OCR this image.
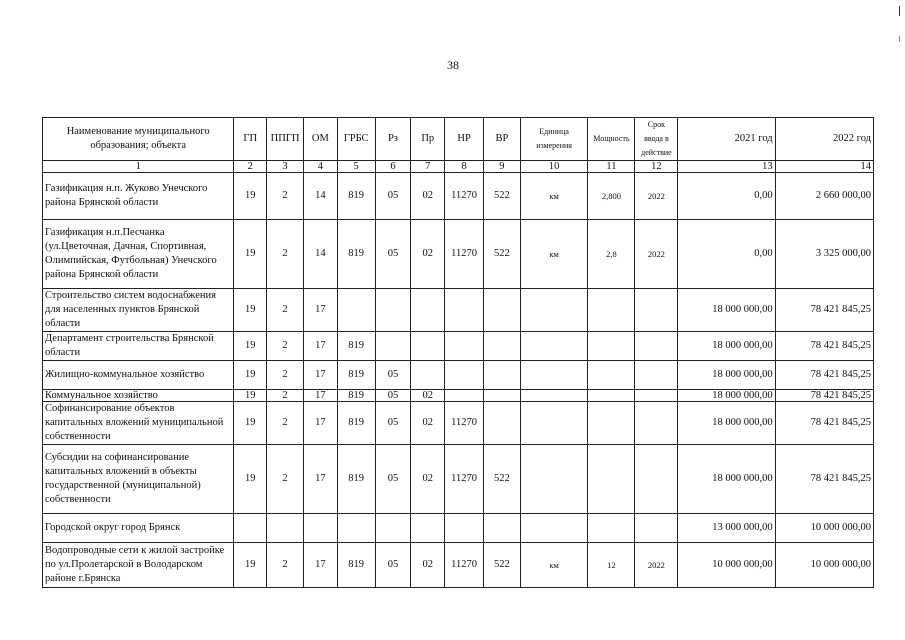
38
Наименование муниципального образования; объекта	ГП	ППГП	ОМ	ГРБС	Рз	Пр	НР	ВР	Единица измерения	Мощность	Срок ввода в действие	2021 год	2022 год
1	2	3	4	5	6	7	8	9	10	11	12	13	14
Газификация н.п. Жуково Унечского района Брянской области	19	2	14	819	05	02	11270	522	км	2,800	2022	0,00	2 660 000,00
Газификация н.п.Песчанка (ул.Цветочная, Дачная, Спортивная, Олимпийская, Футбольная) Унечского района Брянской области	19	2	14	819	05	02	11270	522	км	2,8	2022	0,00	3 325 000,00
Строительство систем водоснабжения для населенных пунктов Брянской области	19	2	17									18 000 000,00	78 421 845,25
Департамент строительства Брянской области	19	2	17	819								18 000 000,00	78 421 845,25
Жилищно-коммунальное хозяйство	19	2	17	819	05							18 000 000,00	78 421 845,25
Коммунальное хозяйство	19	2	17	819	05	02						18 000 000,00	78 421 845,25
Софинансирование объектов капитальных вложений муниципальной собственности	19	2	17	819	05	02	11270					18 000 000,00	78 421 845,25
Субсидии на софинансирование капитальных вложений в объекты государственной (муниципальной) собственности	19	2	17	819	05	02	11270	522				18 000 000,00	78 421 845,25
Городской округ город Брянск												13 000 000,00	10 000 000,00
Водопроводные сети к жилой застройке по ул.Пролетарской в Володарском районе г.Брянска	19	2	17	819	05	02	11270	522	км	12	2022	10 000 000,00	10 000 000,00
